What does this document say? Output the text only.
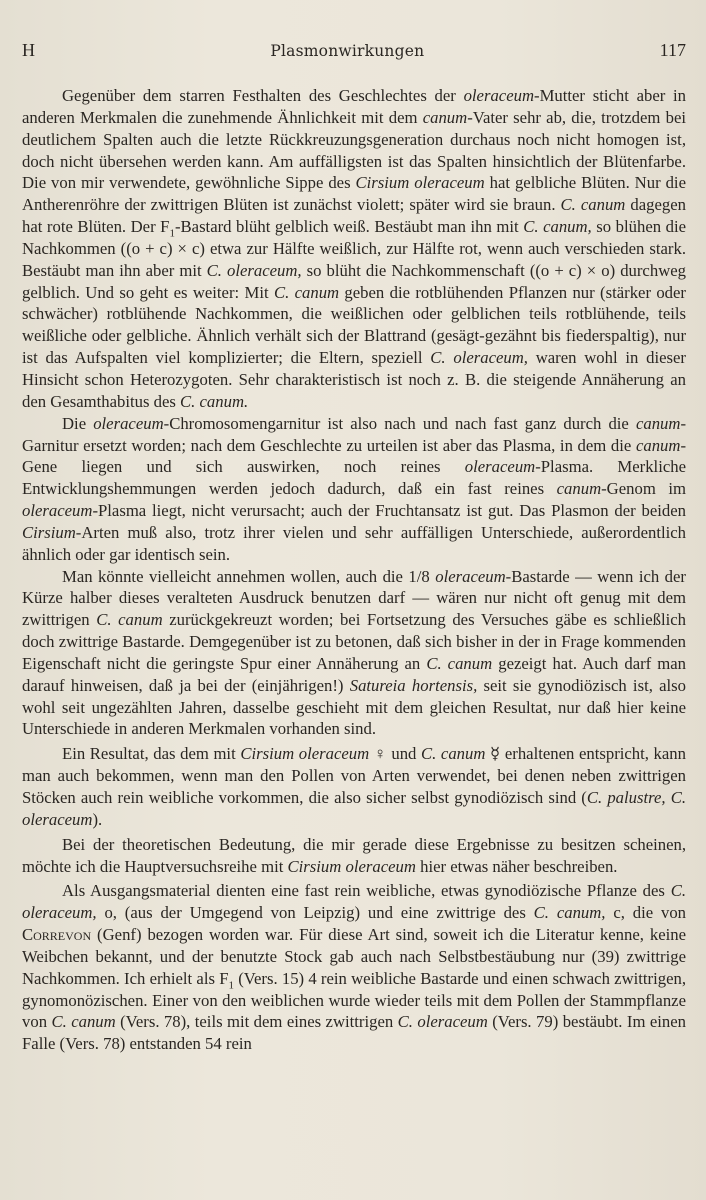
H	Plasmonwirkungen	117

Gegenüber dem starren Festhalten des Geschlechtes der oleraceum-Mutter sticht aber in anderen Merkmalen die zunehmende Ähnlichkeit mit dem canum-Vater sehr ab, die, trotzdem bei deutlichem Spalten auch die letzte Rückkreuzungsgeneration durchaus noch nicht homogen ist, doch nicht übersehen werden kann. Am auffälligsten ist das Spalten hinsichtlich der Blütenfarbe. Die von mir verwendete, gewöhnliche Sippe des Cirsium oleraceum hat gelbliche Blüten. Nur die Antherenröhre der zwittrigen Blüten ist zunächst violett; später wird sie braun. C. canum dagegen hat rote Blüten. Der $F_1$-Bastard blüht gelblich weiß. Bestäubt man ihn mit C. canum, so blühen die Nachkommen ((o + c) × c) etwa zur Hälfte weißlich, zur Hälfte rot, wenn auch verschieden stark. Bestäubt man ihn aber mit C. oleraceum, so blüht die Nachkommenschaft ((o + c) × o) durchweg gelblich. Und so geht es weiter: Mit C. canum geben die rotblühenden Pflanzen nur (stärker oder schwächer) rotblühende Nachkommen, die weißlichen oder gelblichen teils rotblühende, teils weißliche oder gelbliche. Ähnlich verhält sich der Blattrand (gesägt-gezähnt bis fiederspaltig), nur ist das Aufspalten viel komplizierter; die Eltern, speziell C. oleraceum, waren wohl in dieser Hinsicht schon Heterozygoten. Sehr charakteristisch ist noch z. B. die steigende Annäherung an den Gesamthabitus des C. canum.

Die oleraceum-Chromosomengarnitur ist also nach und nach fast ganz durch die canum-Garnitur ersetzt worden; nach dem Geschlechte zu urteilen ist aber das Plasma, in dem die canum-Gene liegen und sich auswirken, noch reines oleraceum-Plasma. Merkliche Entwicklungshemmungen werden jedoch dadurch, daß ein fast reines canum-Genom im oleraceum-Plasma liegt, nicht verursacht; auch der Fruchtansatz ist gut. Das Plasmon der beiden Cirsium-Arten muß also, trotz ihrer vielen und sehr auffälligen Unterschiede, außerordentlich ähnlich oder gar identisch sein.

Man könnte vielleicht annehmen wollen, auch die 1/8 oleraceum-Bastarde — wenn ich der Kürze halber dieses veralteten Ausdruck benutzen darf — wären nur nicht oft genug mit dem zwittrigen C. canum zurückgekreuzt worden; bei Fortsetzung des Versuches gäbe es schließlich doch zwittrige Bastarde. Demgegenüber ist zu betonen, daß sich bisher in der in Frage kommenden Eigenschaft nicht die geringste Spur einer Annäherung an C. canum gezeigt hat. Auch darf man darauf hinweisen, daß ja bei der (einjährigen!) Satureia hortensis, seit sie gynodiözisch ist, also wohl seit ungezählten Jahren, dasselbe geschieht mit dem gleichen Resultat, nur daß hier keine Unterschiede in anderen Merkmalen vorhanden sind.

Ein Resultat, das dem mit Cirsium oleraceum ♀ und C. canum ☿ erhaltenen entspricht, kann man auch bekommen, wenn man den Pollen von Arten verwendet, bei denen neben zwittrigen Stöcken auch rein weibliche vorkommen, die also sicher selbst gynodiözisch sind (C. palustre, C. oleraceum).

Bei der theoretischen Bedeutung, die mir gerade diese Ergebnisse zu besitzen scheinen, möchte ich die Hauptversuchsreihe mit Cirsium oleraceum hier etwas näher beschreiben.

Als Ausgangsmaterial dienten eine fast rein weibliche, etwas gynodiözische Pflanze des C. oleraceum, o, (aus der Umgegend von Leipzig) und eine zwittrige des C. canum, c, die von Correvon (Genf) bezogen worden war. Für diese Art sind, soweit ich die Literatur kenne, keine Weibchen bekannt, und der benutzte Stock gab auch nach Selbstbestäubung nur (39) zwittrige Nachkommen. Ich erhielt als $F_1$ (Vers. 15) 4 rein weibliche Bastarde und einen schwach zwittrigen, gynomonözischen. Einer von den weiblichen wurde wieder teils mit dem Pollen der Stammpflanze von C. canum (Vers. 78), teils mit dem eines zwittrigen C. oleraceum (Vers. 79) bestäubt. Im einen Falle (Vers. 78) entstanden 54 rein
